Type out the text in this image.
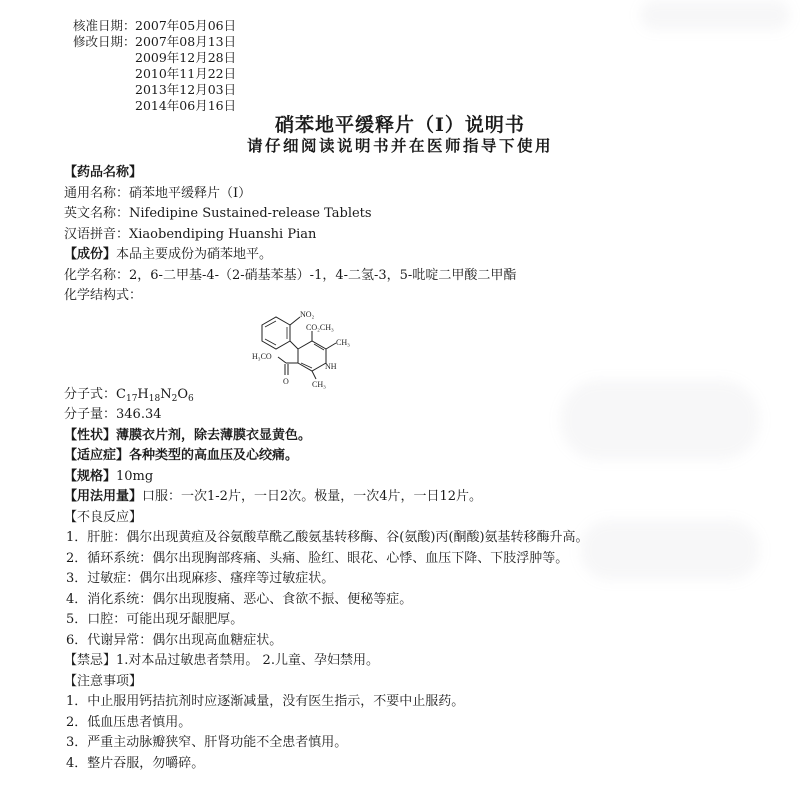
核准日期： 2007年05月06日
修改日期： 2007年08月13日
2009年12月28日
2010年11月22日
2013年12月03日
2014年06月16日
硝苯地平缓释片（Ⅰ）说明书
请仔细阅读说明书并在医师指导下使用
【药品名称】
通用名称：硝苯地平缓释片（Ⅰ）
英文名称：Nifedipine Sustained-release Tablets
汉语拼音：Xiaobendiping Huanshi Pian
【成份】本品主要成份为硝苯地平。
化学名称：2，6-二甲基-4-（2-硝基苯基）-1，4-二氢-3，5-吡啶二甲酸二甲酯
化学结构式：
NO₂
CO₂CH₃
CH₃
NH
CH₃
H₃CO
O
分子式：$C_{17}H_{18}N_2O_6$
分子量：346.34
【性状】薄膜衣片剂，除去薄膜衣显黄色。
【适应症】各种类型的高血压及心绞痛。
【规格】10mg
【用法用量】口服：一次1-2片，一日2次。极量，一次4片，一日12片。
【不良反应】
1．肝脏：偶尔出现黄疸及谷氨酸草酰乙酸氨基转移酶、谷(氨酸)丙(酮酸)氨基转移酶升高。
2．循环系统：偶尔出现胸部疼痛、头痛、脸红、眼花、心悸、血压下降、下肢浮肿等。
3．过敏症：偶尔出现麻疹、瘙痒等过敏症状。
4．消化系统：偶尔出现腹痛、恶心、食欲不振、便秘等症。
5．口腔：可能出现牙龈肥厚。
6．代谢异常：偶尔出现高血糖症状。
【禁忌】1.对本品过敏患者禁用。 2.儿童、孕妇禁用。
【注意事项】
1．中止服用钙拮抗剂时应逐渐减量，没有医生指示，不要中止服药。
2．低血压患者慎用。
3．严重主动脉瓣狭窄、肝肾功能不全患者慎用。
4．整片吞服，勿嚼碎。
